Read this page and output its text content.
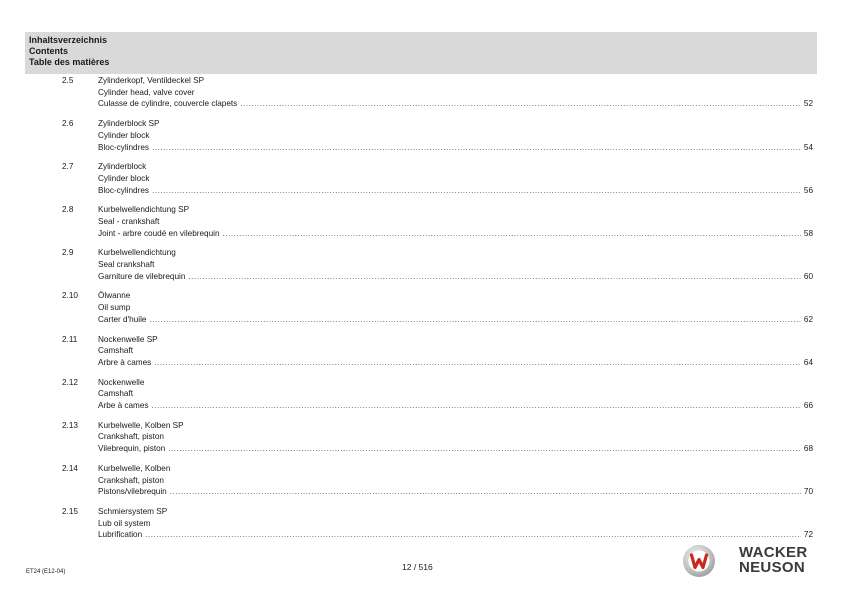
Inhaltsverzeichnis
Contents
Table des matières
2.5	Zylinderkopf, Ventildeckel SP
Cylinder head, valve cover
Culasse de cylindre, couvercle clapets .....	52
2.6	Zylinderblock SP
Cylinder block
Bloc-cylindres .....	54
2.7	Zylinderblock
Cylinder block
Bloc-cylindres .....	56
2.8	Kurbelwellendichtung SP
Seal - crankshaft
Joint - arbre coudé en vilebrequin .....	58
2.9	Kurbelwellendichtung
Seal crankshaft
Garniture de vilebrequin .....	60
2.10 Ölwanne
Oil sump
Carter d'huile .....	62
2.11	Nockenwelle SP
Camshaft
Arbre à cames .....	64
2.12 Nockenwelle
Camshaft
Arbe à cames .....	66
2.13 Kurbelwelle, Kolben SP
Crankshaft, piston
Vilebrequin, piston .....	68
2.14 Kurbelwelle, Kolben
Crankshaft, piston
Pistons/vilebrequin .....	70
2.15 Schmiersystem SP
Lub oil system
Lubrification .....	72
ET24 (E12-04)	12 / 516
WACKER
NEUSON
